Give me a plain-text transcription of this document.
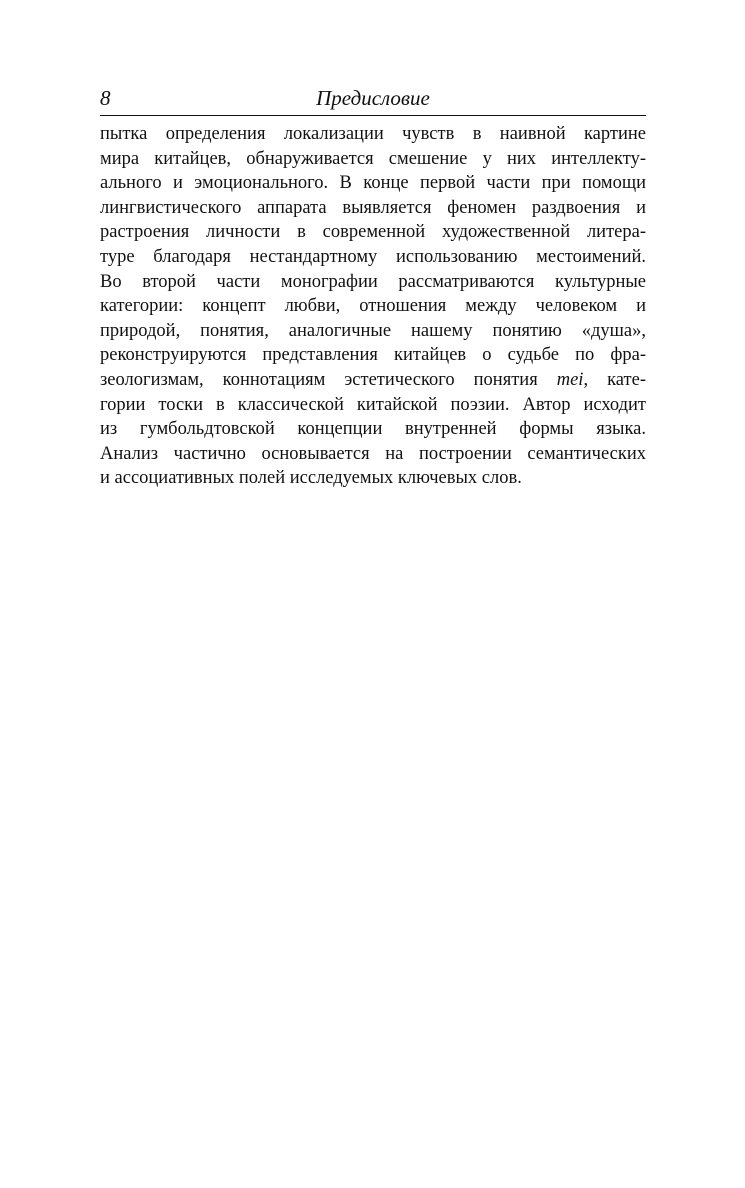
8	Предисловие
пытка определения локализации чувств в наивной картине
мира китайцев, обнаруживается смешение у них интеллекту-
ального и эмоционального. В конце первой части при помощи
лингвистического аппарата выявляется феномен раздвоения и
растроения личности в современной художественной литера-
туре благодаря нестандартному использованию местоимений.
Во второй части монографии рассматриваются культурные
категории: концепт любви, отношения между человеком и
природой, понятия, аналогичные нашему понятию «душа»,
реконструируются представления китайцев о судьбе по фра-
зеологизмам, коннотациям эстетического понятия mei, кате-
гории тоски в классической китайской поэзии. Автор исходит
из гумбольдтовской концепции внутренней формы языка.
Анализ частично основывается на построении семантических
и ассоциативных полей исследуемых ключевых слов.
